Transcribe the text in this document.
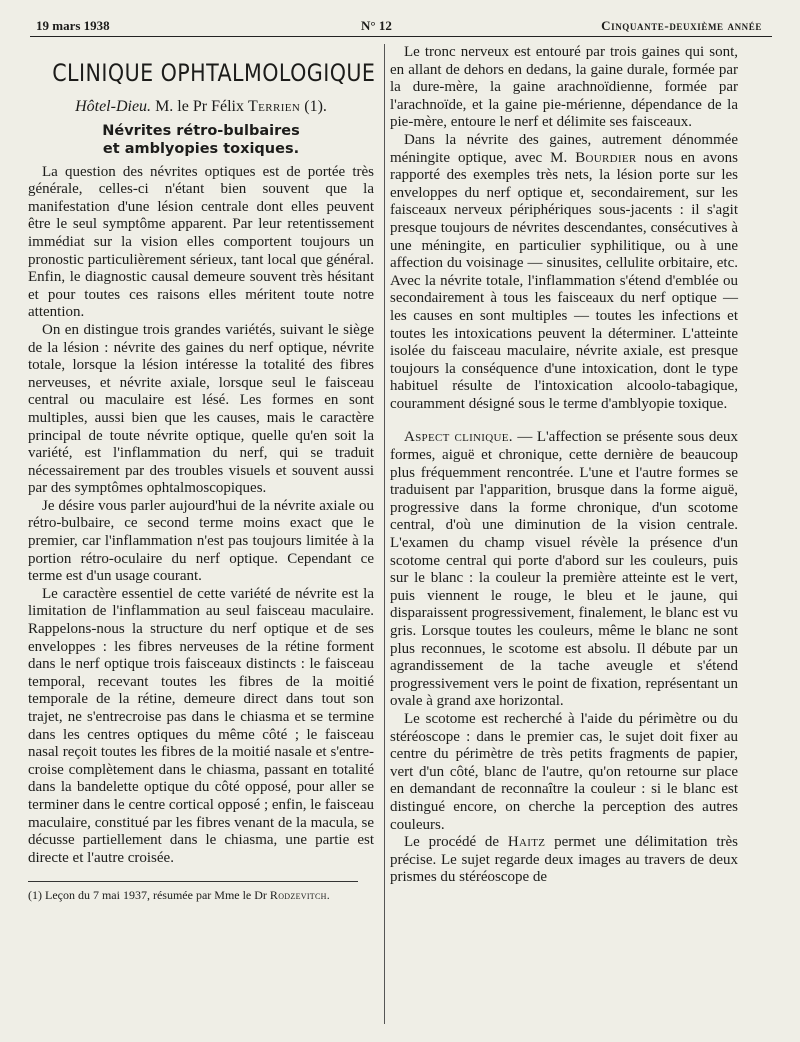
19 mars 1938	N° 12	Cinquante-deuxième année
CLINIQUE OPHTALMOLOGIQUE
Hôtel-Dieu. M. le Pr Félix Terrien (1).
Névrites rétro-bulbaires
et amblyopies toxiques.

La question des névrites optiques est de portée très générale, celles-ci n'étant bien souvent que la manifestation d'une lésion centrale dont elles peuvent être le seul symptôme apparent. Par leur retentissement immédiat sur la vision elles comportent toujours un pronostic particulièrement sérieux, tant local que général. Enfin, le diagnostic causal demeure souvent très hésitant et pour toutes ces raisons elles méritent toute notre attention.

On en distingue trois grandes variétés, suivant le siège de la lésion : névrite des gaines du nerf optique, névrite totale, lorsque la lésion intéresse la totalité des fibres nerveuses, et névrite axiale, lorsque seul le faisceau central ou maculaire est lésé. Les formes en sont multiples, aussi bien que les causes, mais le caractère principal de toute névrite optique, quelle qu'en soit la variété, est l'inflammation du nerf, qui se traduit nécessairement par des troubles visuels et souvent aussi par des symptômes ophtalmoscopiques.

Je désire vous parler aujourd'hui de la névrite axiale ou rétro-bulbaire, ce second terme moins exact que le premier, car l'inflammation n'est pas toujours limitée à la portion rétro-oculaire du nerf optique. Cependant ce terme est d'un usage courant.

Le caractère essentiel de cette variété de névrite est la limitation de l'inflammation au seul faisceau maculaire. Rappelons-nous la structure du nerf optique et de ses enveloppes : les fibres nerveuses de la rétine forment dans le nerf optique trois faisceaux distincts : le faisceau temporal, recevant toutes les fibres de la moitié temporale de la rétine, demeure direct dans tout son trajet, ne s'entrecroise pas dans le chiasma et se termine dans les centres optiques du même côté ; le faisceau nasal reçoit toutes les fibres de la moitié nasale et s'entre-croise complètement dans le chiasma, passant en totalité dans la bandelette optique du côté opposé, pour aller se terminer dans le centre cortical opposé ; enfin, le faisceau maculaire, constitué par les fibres venant de la macula, se décusse partiellement dans le chiasma, une partie est directe et l'autre croisée.

(1) Leçon du 7 mai 1937, résumée par Mme le Dr Rodzevitch.

Le tronc nerveux est entouré par trois gaines qui sont, en allant de dehors en dedans, la gaine durale, formée par la dure-mère, la gaine arachnoïdienne, formée par l'arachnoïde, et la gaine pie-mérienne, dépendance de la pie-mère, entoure le nerf et délimite ses faisceaux.

Dans la névrite des gaines, autrement dénommée méningite optique, avec M. Bourdier nous en avons rapporté des exemples très nets, la lésion porte sur les enveloppes du nerf optique et, secondairement, sur les faisceaux nerveux périphériques sous-jacents : il s'agit presque toujours de névrites descendantes, consécutives à une méningite, en particulier syphilitique, ou à une affection du voisinage — sinusites, cellulite orbitaire, etc. Avec la névrite totale, l'inflammation s'étend d'emblée ou secondairement à tous les faisceaux du nerf optique — les causes en sont multiples — toutes les infections et toutes les intoxications peuvent la déterminer. L'atteinte isolée du faisceau maculaire, névrite axiale, est presque toujours la conséquence d'une intoxication, dont le type habituel résulte de l'intoxication alcoolo-tabagique, couramment désigné sous le terme d'amblyopie toxique.

Aspect clinique. — L'affection se présente sous deux formes, aiguë et chronique, cette dernière de beaucoup plus fréquemment rencontrée. L'une et l'autre formes se traduisent par l'apparition, brusque dans la forme aiguë, progressive dans la forme chronique, d'un scotome central, d'où une diminution de la vision centrale. L'examen du champ visuel révèle la présence d'un scotome central qui porte d'abord sur les couleurs, puis sur le blanc : la couleur la première atteinte est le vert, puis viennent le rouge, le bleu et le jaune, qui disparaissent progressivement, finalement, le blanc est vu gris. Lorsque toutes les couleurs, même le blanc ne sont plus reconnues, le scotome est absolu. Il débute par un agrandissement de la tache aveugle et s'étend progressivement vers le point de fixation, représentant un ovale à grand axe horizontal.

Le scotome est recherché à l'aide du périmètre ou du stéréoscope : dans le premier cas, le sujet doit fixer au centre du périmètre de très petits fragments de papier, vert d'un côté, blanc de l'autre, qu'on retourne sur place en demandant de reconnaître la couleur : si le blanc est distingué encore, on cherche la perception des autres couleurs.

Le procédé de Haitz permet une délimitation très précise. Le sujet regarde deux images au travers de deux prismes du stéréoscope de
